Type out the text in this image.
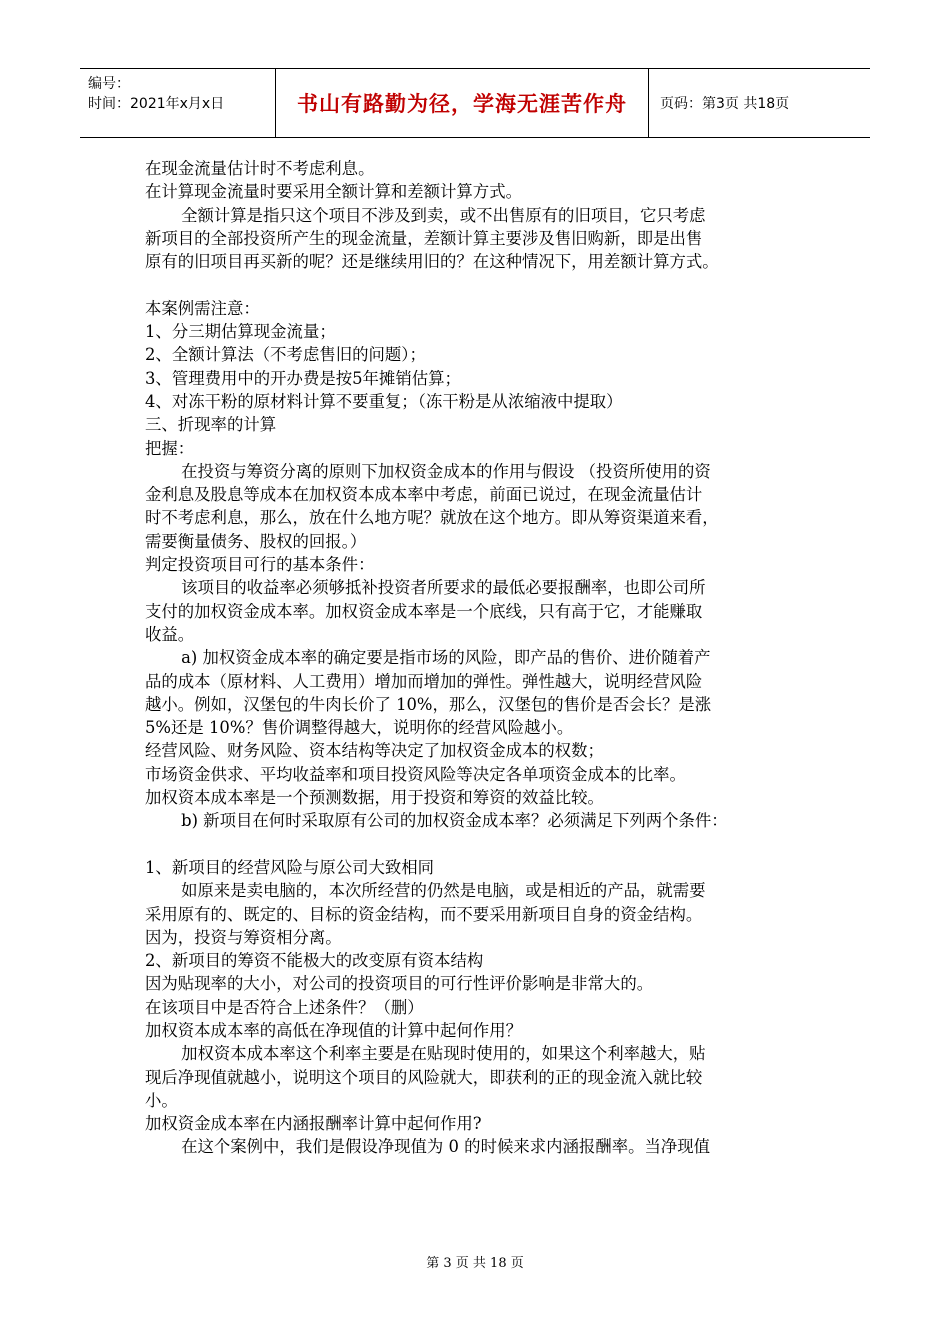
编号：
时间：2021年x月x日	书山有路勤为径，学海无涯苦作舟	页码：第3页 共18页

在现金流量估计时不考虑利息。

在计算现金流量时要采用全额计算和差额计算方式。

全额计算是指只这个项目不涉及到卖，或不出售原有的旧项目，它只考虑

新项目的全部投资所产生的现金流量，差额计算主要涉及售旧购新，即是出售

原有的旧项目再买新的呢？还是继续用旧的？在这种情况下，用差额计算方式。

本案例需注意：

1、分三期估算现金流量；

2、全额计算法（不考虑售旧的问题）；

3、管理费用中的开办费是按5年摊销估算；

4、对冻干粉的原材料计算不要重复；（冻干粉是从浓缩液中提取）

三、折现率的计算

把握：

在投资与筹资分离的原则下加权资金成本的作用与假设 （投资所使用的资

金利息及股息等成本在加权资本成本率中考虑，前面已说过，在现金流量估计

时不考虑利息，那么，放在什么地方呢？就放在这个地方。即从筹资渠道来看，

需要衡量债务、股权的回报。）

判定投资项目可行的基本条件：

该项目的收益率必须够抵补投资者所要求的最低必要报酬率，也即公司所

支付的加权资金成本率。加权资金成本率是一个底线，只有高于它，才能赚取

收益。

a) 加权资金成本率的确定要是指市场的风险，即产品的售价、进价随着产

品的成本（原材料、人工费用）增加而增加的弹性。弹性越大，说明经营风险

越小。例如，汉堡包的牛肉长价了 10%，那么，汉堡包的售价是否会长？是涨

5%还是 10%？售价调整得越大，说明你的经营风险越小。

经营风险、财务风险、资本结构等决定了加权资金成本的权数；

市场资金供求、平均收益率和项目投资风险等决定各单项资金成本的比率。

加权资本成本率是一个预测数据，用于投资和筹资的效益比较。

b) 新项目在何时采取原有公司的加权资金成本率？必须满足下列两个条件：

1、新项目的经营风险与原公司大致相同

如原来是卖电脑的，本次所经营的仍然是电脑，或是相近的产品，就需要

采用原有的、既定的、目标的资金结构，而不要采用新项目自身的资金结构。

因为，投资与筹资相分离。

2、新项目的筹资不能极大的改变原有资本结构

因为贴现率的大小，对公司的投资项目的可行性评价影响是非常大的。

在该项目中是否符合上述条件？（删）

加权资本成本率的高低在净现值的计算中起何作用？

加权资本成本率这个利率主要是在贴现时使用的，如果这个利率越大，贴

现后净现值就越小，说明这个项目的风险就大，即获利的正的现金流入就比较

小。

加权资金成本率在内涵报酬率计算中起何作用?

在这个案例中，我们是假设净现值为 0 的时候来求内涵报酬率。当净现值

第 3 页 共 18 页
